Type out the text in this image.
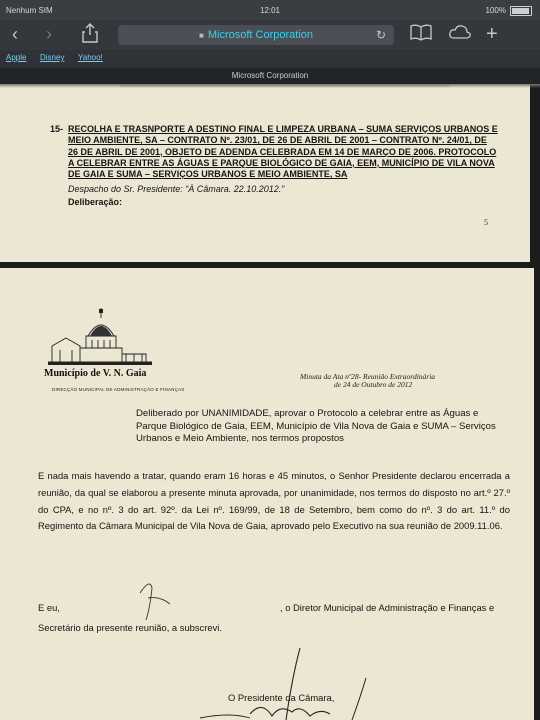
Nenhum SIM	12:01	100%
‹ ›	■ Microsoft Corporation	↻	+
Apple Disney Yahoo!
Microsoft Corporation
15- RECOLHA E TRASNPORTE A DESTINO FINAL E LIMPEZA URBANA – SUMA SERVIÇOS URBANOS E MEIO AMBIENTE, SA – CONTRATO Nº. 23/01, DE 26 DE ABRIL DE 2001 – CONTRATO Nº. 24/01, DE 26 DE ABRIL DE 2001, OBJETO DE ADENDA CELEBRADA EM 14 DE MARÇO DE 2006. PROTOCOLO A CELEBRAR ENTRE AS ÁGUAS E PARQUE BIOLÓGICO DE GAIA, EEM, MUNICÍPIO DE VILA NOVA DE GAIA E SUMA – SERVIÇOS URBANOS E MEIO AMBIENTE, SA
Despacho do Sr. Presidente: “À Câmara. 22.10.2012.”
Deliberação:
5
Município de V. N. Gaia
DIRECÇÃO MUNICIPAL DE ADMINISTRAÇÃO E FINANÇAS
Minuta da Ata nº28- Reunião Extraordinária
de 24 de Outubro de 2012
Deliberado por UNANIMIDADE, aprovar o Protocolo a celebrar entre as Águas e Parque Biológico de Gaia, EEM, Município de Vila Nova de Gaia e SUMA – Serviços Urbanos e Meio Ambiente, nos termos propostos
E nada mais havendo a tratar, quando eram 16 horas e 45 minutos, o Senhor Presidente declarou encerrada a reunião, da qual se elaborou a presente minuta aprovada, por unanimidade, nos termos do disposto no art.º 27.º do CPA, e no nº. 3 do art. 92º. da Lei nº. 169/99, de 18 de Setembro, bem como do nº. 3 do art. 11.º do Regimento da Câmara Municipal de Vila Nova de Gaia, aprovado pelo Executivo na sua reunião de 2009.11.06.
E eu,	, o Diretor Municipal de Administração e Finanças e
Secretário da presente reunião, a subscrevi.
O Presidente da Câmara,
